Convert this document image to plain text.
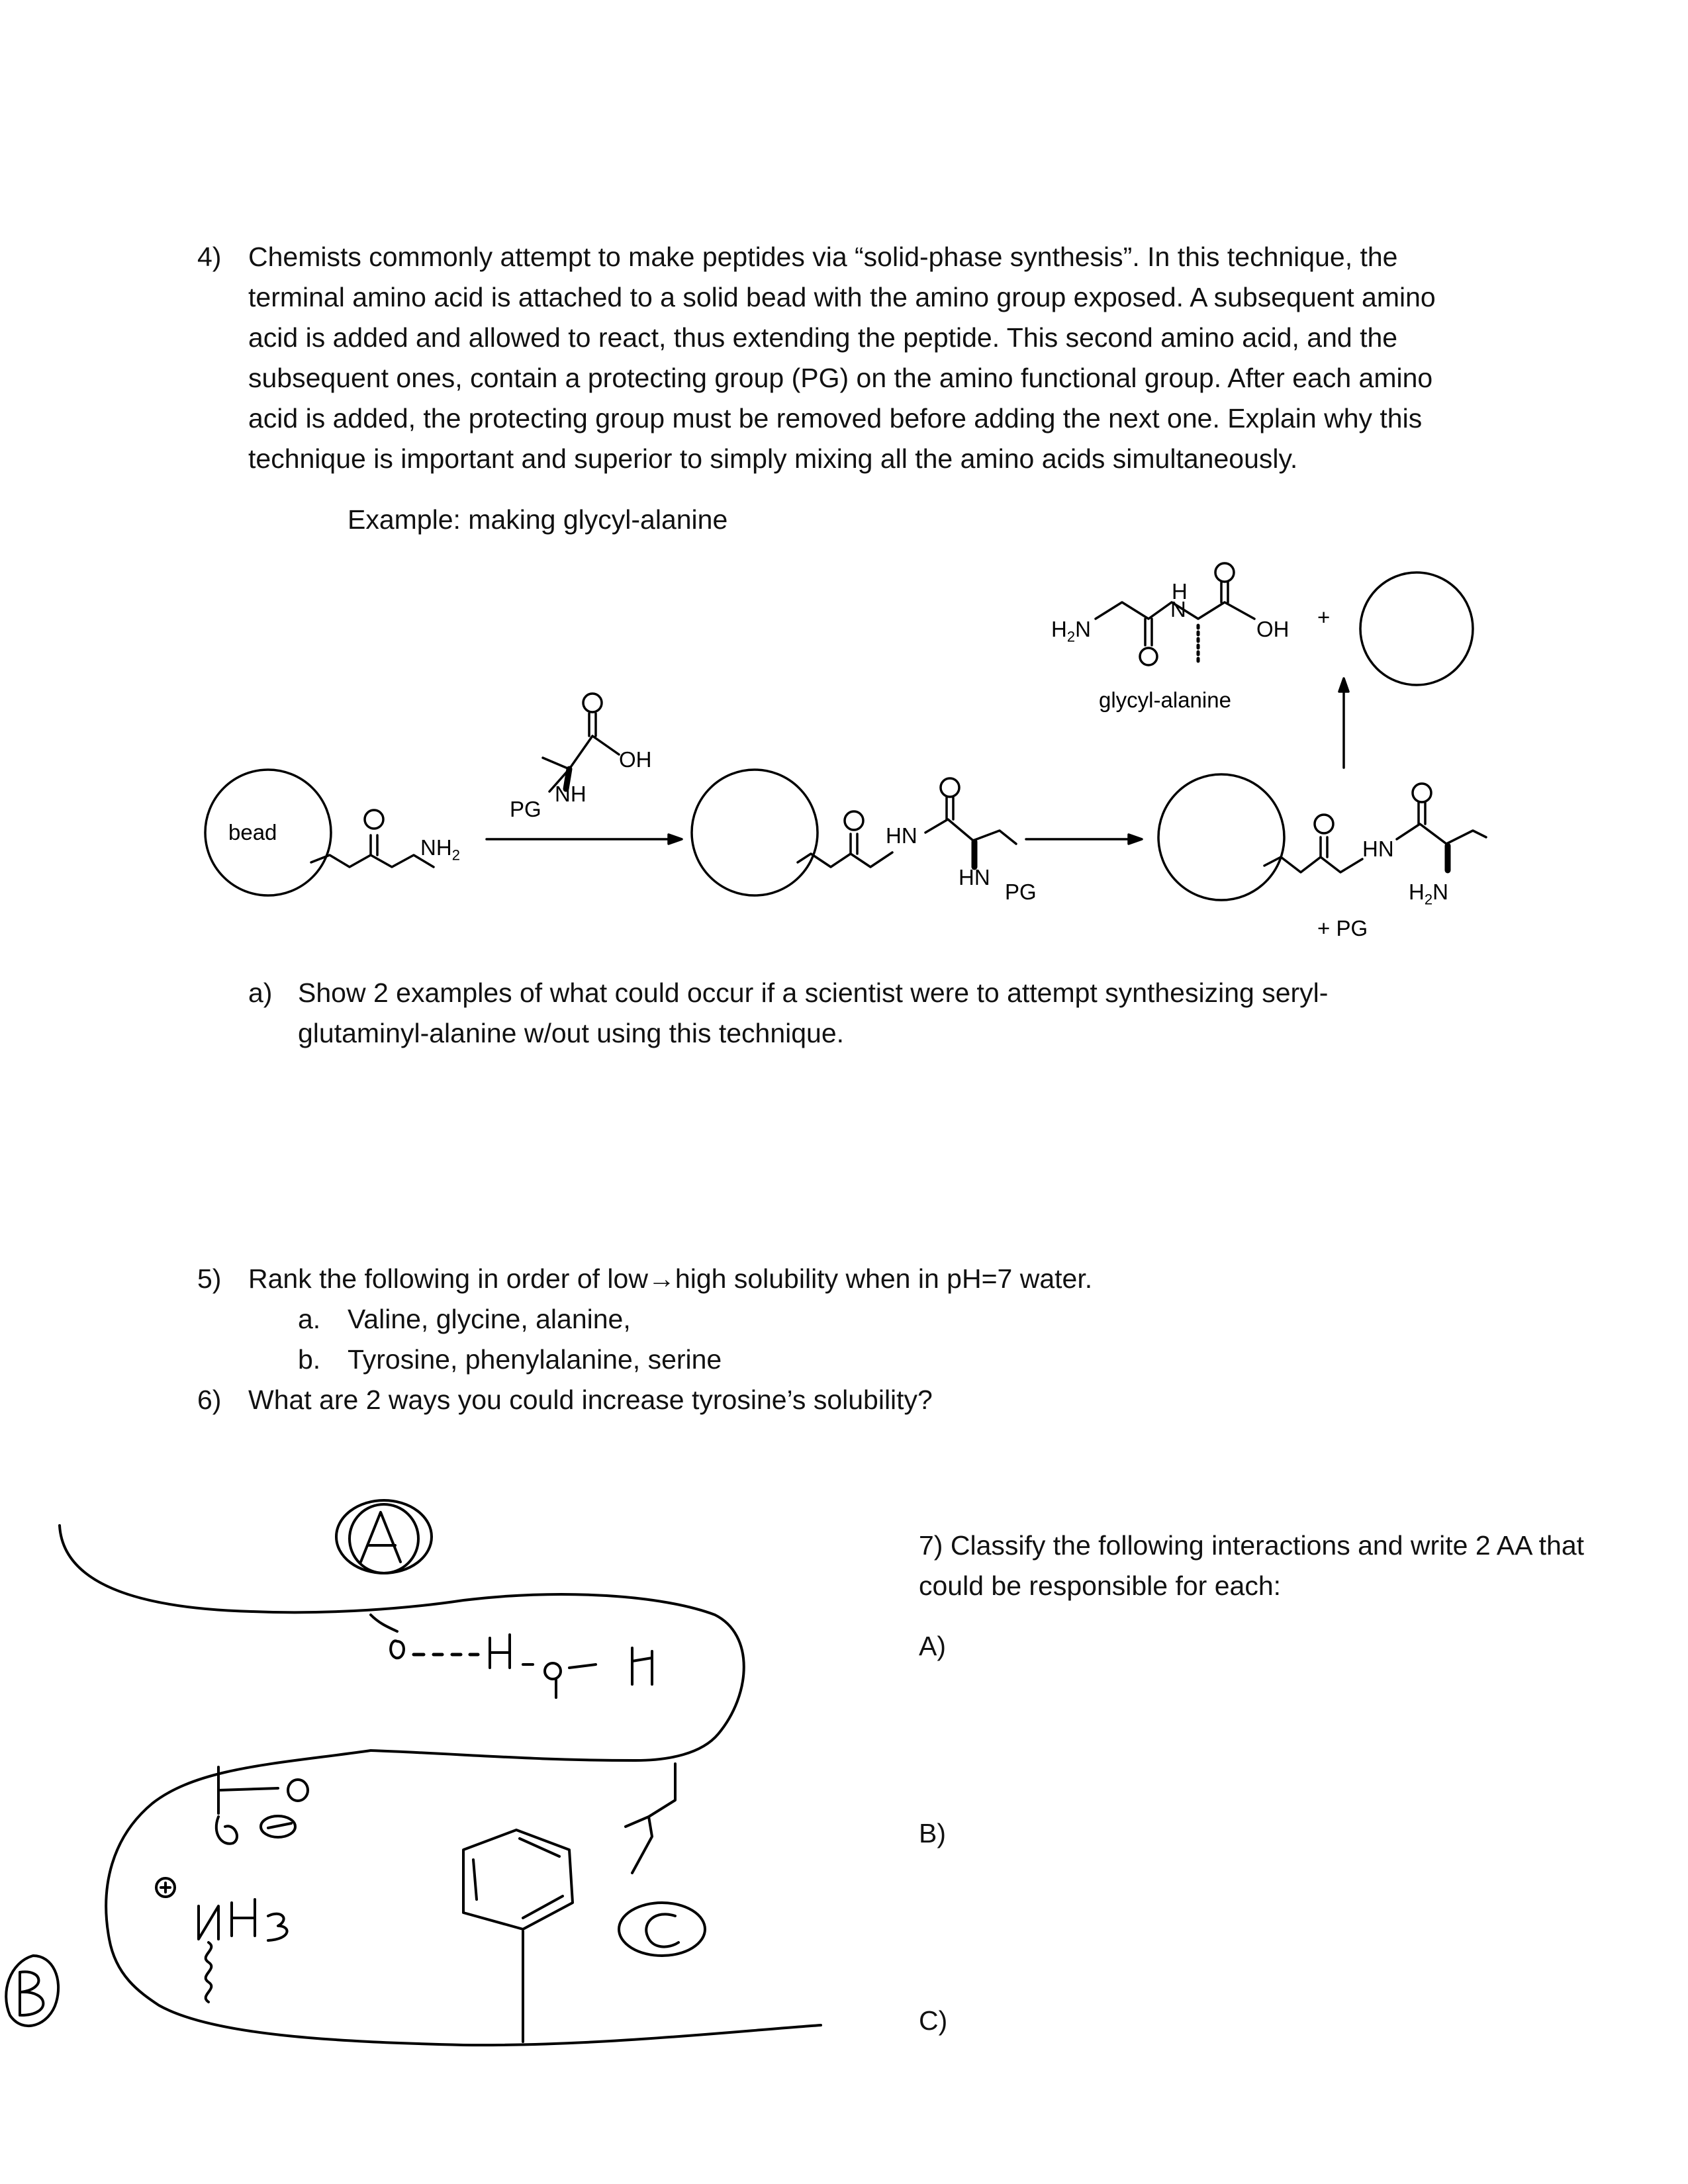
4) Chemists commonly attempt to make peptides via “solid-phase synthesis”. In this technique, the
terminal amino acid is attached to a solid bead with the amino group exposed. A subsequent amino
acid is added and allowed to react, thus extending the peptide. This second amino acid, and the
subsequent ones, contain a protecting group (PG) on the amino functional group. After each amino
acid is added, the protecting group must be removed before adding the next one. Explain why this
technique is important and superior to simply mixing all the amino acids simultaneously.
Example: making glycyl-alanine
bead
$NH_2$
OH
PG
NH
HN
HN
PG
HN
$H_2N$
+ PG
$H_2N$	OH
H
N	+
glycyl-alanine
a) Show 2 examples of what could occur if a scientist were to attempt synthesizing seryl-
glutaminyl-alanine w/out using this technique.
5) Rank the following in order of low→high solubility when in pH=7 water.
a. Valine, glycine, alanine,
b. Tyrosine, phenylalanine, serine
6) What are 2 ways you could increase tyrosine’s solubility?
7) Classify the following interactions and write 2 AA that
could be responsible for each:
A)
B)
C)
